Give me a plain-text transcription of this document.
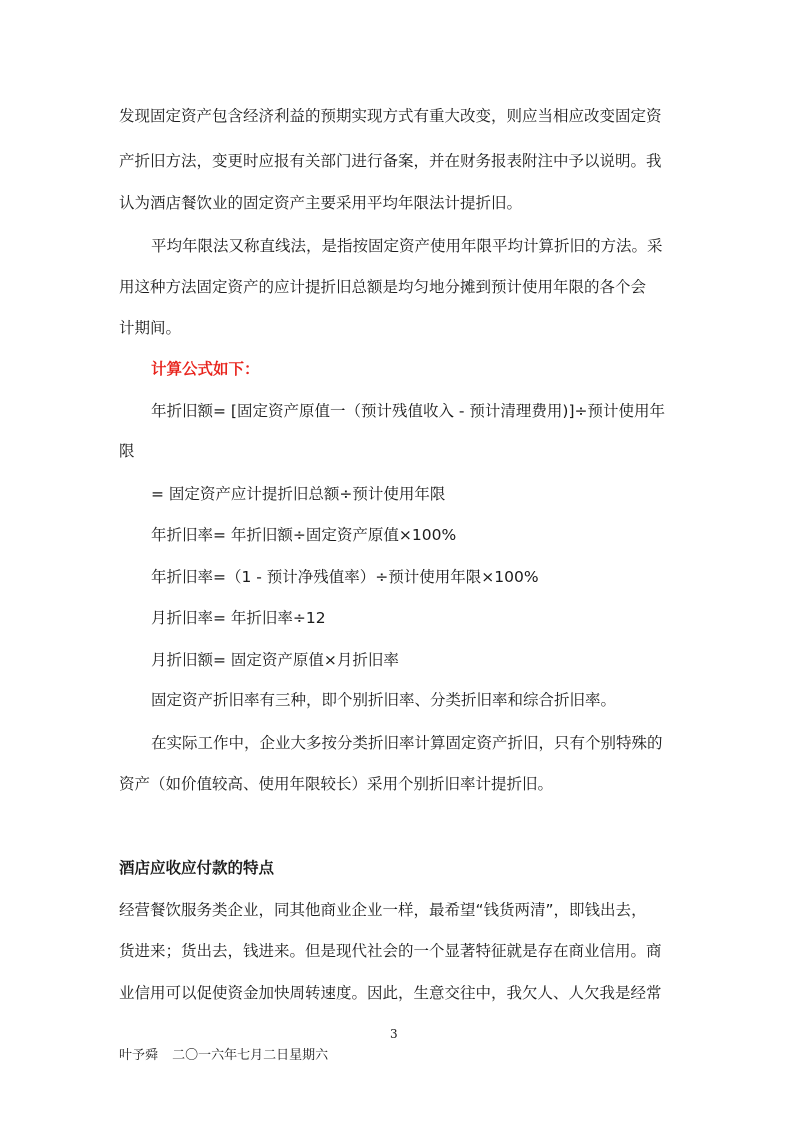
发现固定资产包含经济利益的预期实现方式有重大改变，则应当相应改变固定资
产折旧方法，变更时应报有关部门进行备案，并在财务报表附注中予以说明。我
认为酒店餐饮业的固定资产主要采用平均年限法计提折旧。
平均年限法又称直线法，是指按固定资产使用年限平均计算折旧的方法。采
用这种方法固定资产的应计提折旧总额是均匀地分摊到预计使用年限的各个会
计期间。
计算公式如下：
年折旧额= [固定资产原值一（预计残值收入 - 预计清理费用)]÷预计使用年
限
= 固定资产应计提折旧总额÷预计使用年限
年折旧率= 年折旧额÷固定资产原值×100%
年折旧率=（1 - 预计净残值率）÷预计使用年限×100%
月折旧率= 年折旧率÷12
月折旧额= 固定资产原值×月折旧率
固定资产折旧率有三种，即个别折旧率、分类折旧率和综合折旧率。
在实际工作中，企业大多按分类折旧率计算固定资产折旧，只有个别特殊的
资产（如价值较高、使用年限较长）采用个别折旧率计提折旧。
酒店应收应付款的特点
经营餐饮服务类企业，同其他商业企业一样，最希望“钱货两清”，即钱出去，
货进来；货出去，钱进来。但是现代社会的一个显著特征就是存在商业信用。商
业信用可以促使资金加快周转速度。因此，生意交往中，我欠人、人欠我是经常
3
叶予舜 二〇一六年七月二日星期六
